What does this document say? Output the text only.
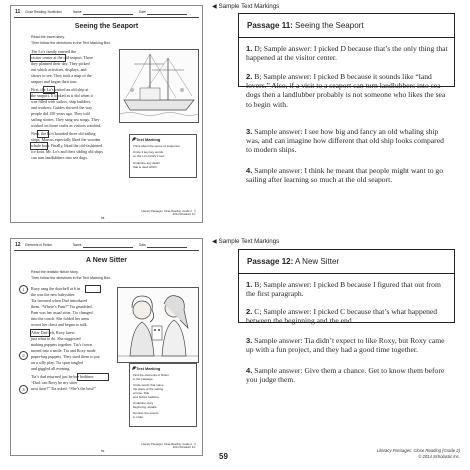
11 Close Reading: Nonfiction	Name	Date
Seeing the Seaport
Read the travel story.
Then follow the directions in the Text Marking Box.
The Lo's family entered the
visitor center at the old seaport. There
they planned their day. They picked
out which activities, displays, and
shows to see. They took a map of the
seaport and began their tour.
First, the Lo's visited an old ship at
the seaport. It looked as it did when it
was filled with sailors, ship builders,
and workers. Guides showed the way
people did 150 years ago. They told
sailing stories. They sang sea songs. They
worked on those crafts as visitors watched.
Next, the Lo's boarded three old sailing
ships. Marcus especially liked the wooden
whale boat. Finally, liked the old-fashioned
ice boat. Mr. Lo's and their sibling old ships
can turn landlubbers into sea dogs.
Text Marking
Think about the sense of sequence.
Circle 3 key key words
on the Lo's family's tour.
Underline any detail
that is used which.
58
Literacy Passages: Close Reading, Grade 2 · © 2014 Scholastic Inc.
12 Elements of Fiction	Name	Date
A New Sitter
Read the realistic fiction story.
Then follow the directions in the Text Marking Box.
1
2
3
Roxy rang the doorbell at 6 in
the was the new babysitter.
Tia frowned when Dad introduced
them. “Where’s Pam?” Tia grumbled.
Pam was her usual sitter. Tia changed
into the couch. She folded her arms
across her chest and began to sulk.
After Dad left, Roxy knew
just what to do. She suggested
making puppets together. Tia’s frown
turned into a smile. Tia and Roxy made
paper-bag puppets. They used them to put
on a silly play. Tia spun tangled
and giggled all evening.
Tia’s dad returned just before bedtime.
“Dad, can Roxy be my sitter
next time?” Tia asked. “She’s the best!”
Text Marking
Find the elements of fiction
in the passage.
Circle words that name
the place of the setting
of time. Title
and before bedtime.
Underline story
beginning, details.
Number the events
in order.
59
Literacy Passages: Close Reading, Grade 2 · © 2014 Scholastic Inc.
◀ Sample Text Markings
Passage 11: Seeing the Seaport
1. D; Sample answer: I picked D because that’s the only thing that happened at the visitor center.
2. B; Sample answer: I picked B because it sounds like “land lovers.” Also, if a visit to a seaport can turn landlubbers into sea dogs then a landlubber probably is not someone who likes the sea to begin with.
3. Sample answer: I see how big and fancy an old whaling ship was, and can imagine how different that old ship looks compared to modern ships.
4. Sample answer: I think he meant that people might want to go sailing after learning so much at the old seaport.
◀ Sample Text Markings
Passage 12: A New Sitter
1. B; Sample answer: I picked B because I figured that out from the first paragraph.
2. C; Sample answer: I picked C because that’s what happened between the beginning and the end.
3. Sample answer: Tia didn’t expect to like Roxy, but Roxy came up with a fun project, and they had a good time together.
4. Sample answer: Give them a chance. Get to know them before you judge them.
59
Literacy Passages: Close Reading (Grade 2)
© 2014 Scholastic Inc.
